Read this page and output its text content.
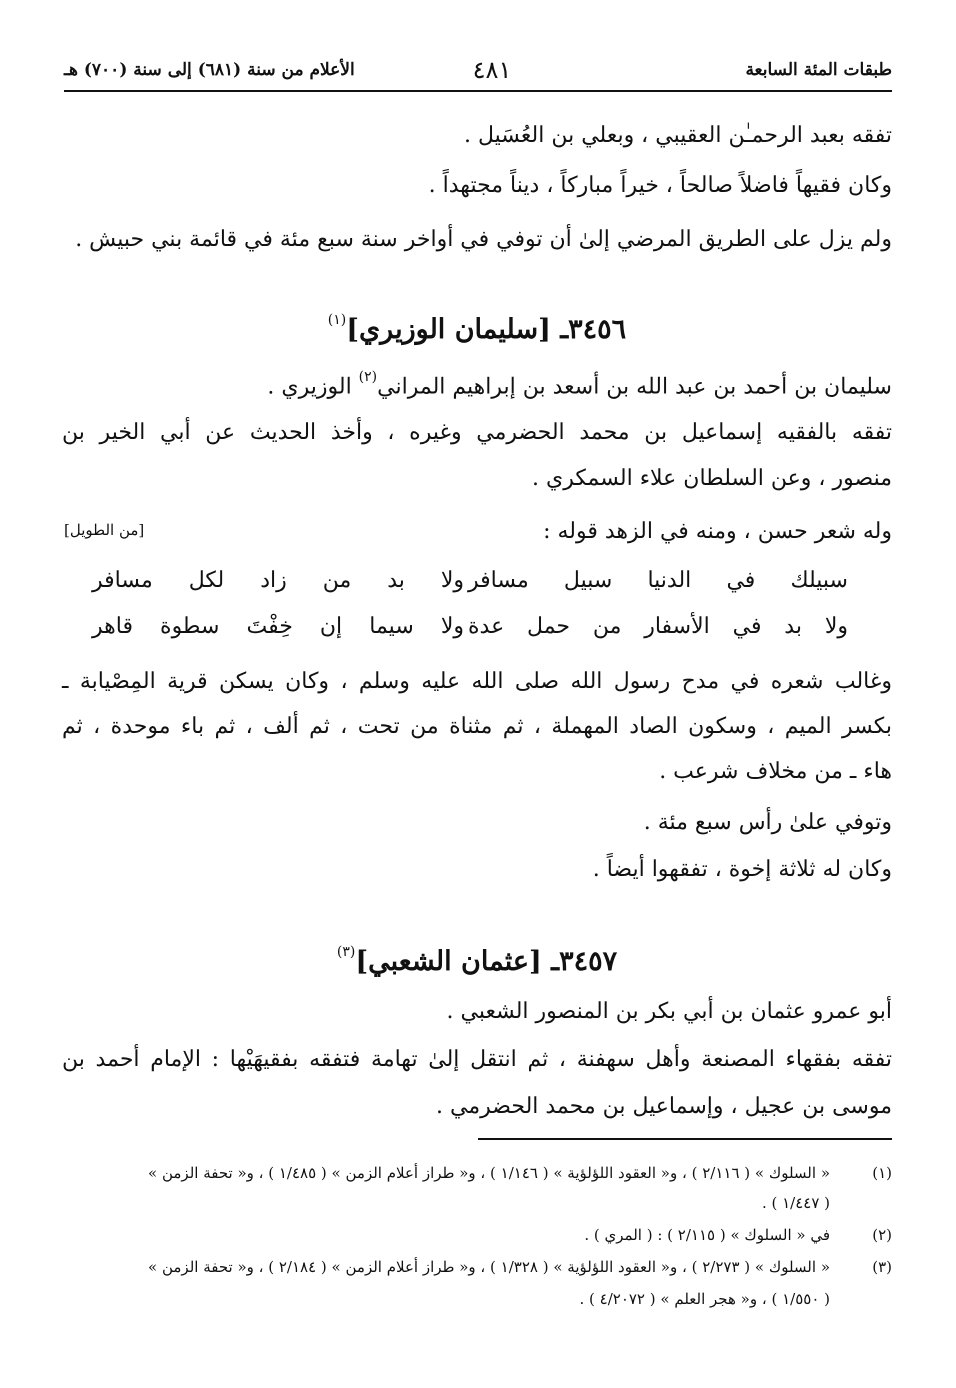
طبقات المئة السابعة
٤٨١
الأعلام من سنة (٦٨١) إلى سنة (٧٠٠) هـ
تفقه بعبد الرحمـٰن العقيبي ، وبعلي بن العُسَيل .
وكان فقيهاً فاضلاً صالحاً ، خيراً مباركاً ، ديناً مجتهداً .
ولم يزل على الطريق المرضي إلىٰ أن توفي في أواخر سنة سبع مئة في قائمة بني حبيش .
٣٤٥٦ـ [سليمان الوزيري]$^{(١)}$
سليمان بن أحمد بن عبد الله بن أسعد بن إبراهيم المراني$^{(٢)}$ الوزيري .
تفقه بالفقيه إسماعيل بن محمد الحضرمي وغيره ، وأخذ الحديث عن أبي الخير بن
منصور ، وعن السلطان علاء السمكري .
وله شعر حسن ، ومنه في الزهد قوله :
[من الطويل]
سبيلك في الدنيا سبيل مسافر
ولا بد من زاد لكل مسافر
ولا بد في الأسفار من حمل عدة
ولا سيما إن خِفْتَ سطوة قاهر
وغالب شعره في مدح رسول الله صلى الله عليه وسلم ، وكان يسكن قرية المِصْيابة ـ
بكسر الميم ، وسكون الصاد المهملة ، ثم مثناة من تحت ، ثم ألف ، ثم باء موحدة ، ثم
هاء ـ من مخلاف شرعب .
وتوفي علىٰ رأس سبع مئة .
وكان له ثلاثة إخوة ، تفقهوا أيضاً .
٣٤٥٧ـ [عثمان الشعبي]$^{(٣)}$
أبو عمرو عثمان بن أبي بكر بن المنصور الشعبي .
تفقه بفقهاء المصنعة وأهل سهفنة ، ثم انتقل إلىٰ تهامة فتفقه بفقيهَيْها : الإمام أحمد بن
موسى بن عجيل ، وإسماعيل بن محمد الحضرمي .
(١)
« السلوك » ( ٢/١١٦ ) ، و« العقود اللؤلؤية » ( ١/١٤٦ ) ، و« طراز أعلام الزمن » ( ١/٤٨٥ ) ، و« تحفة الزمن »
( ١/٤٤٧ ) .
(٢)
في « السلوك » ( ٢/١١٥ ) : ( المري ) .
(٣)
« السلوك » ( ٢/٢٧٣ ) ، و« العقود اللؤلؤية » ( ١/٣٢٨ ) ، و« طراز أعلام الزمن » ( ٢/١٨٤ ) ، و« تحفة الزمن »
( ١/٥٥٠ ) ، و« هجر العلم » ( ٤/٢٠٧٢ ) .
